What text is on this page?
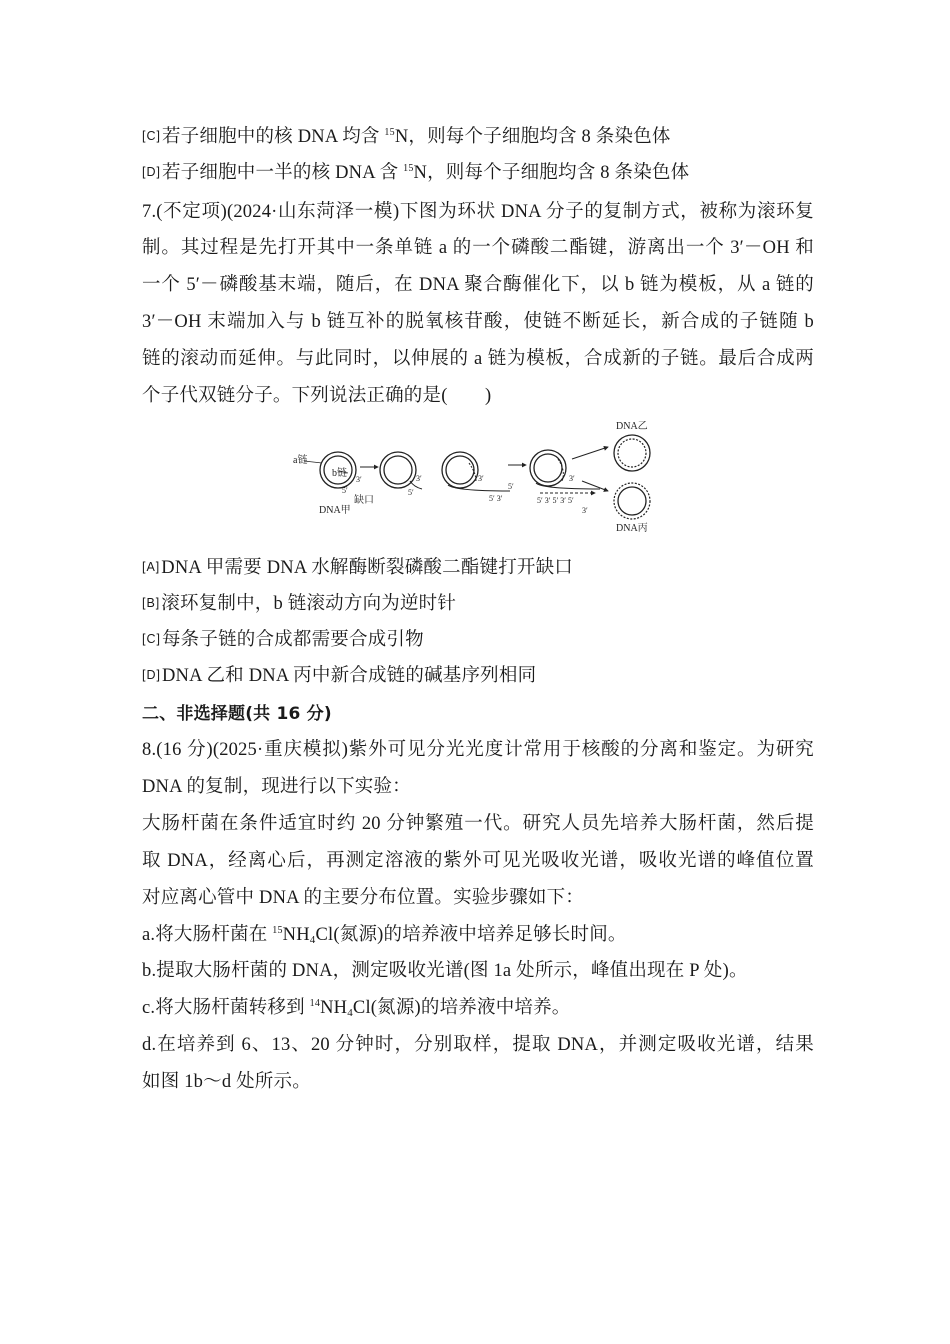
[C]若子细胞中的核 DNA 均含 $^{15}$N，则每个子细胞均含 8 条染色体
[D]若子细胞中一半的核 DNA 含 $^{15}$N，则每个子细胞均含 8 条染色体
7.(不定项)(2024·山东菏泽一模)下图为环状 DNA 分子的复制方式，被称为滚环复
制。其过程是先打开其中一条单链 a 的一个磷酸二酯键，游离出一个 3′－OH 和
一个 5′－磷酸基末端，随后，在 DNA 聚合酶催化下，以 b 链为模板，从 a 链的
3′－OH 末端加入与 b 链互补的脱氧核苷酸，使链不断延长，新合成的子链随 b
链的滚动而延伸。与此同时，以伸展的 a 链为模板，合成新的子链。最后合成两
个子代双链分子。下列说法正确的是(　　)
a链
b链
3′
5′
缺口
DNA甲
3′
5′
3′
5′
5′ 3′
3′
5′ 3′ 5′ 3′ 5′
3′
DNA乙
DNA丙
[A]DNA 甲需要 DNA 水解酶断裂磷酸二酯键打开缺口
[B]滚环复制中，b 链滚动方向为逆时针
[C]每条子链的合成都需要合成引物
[D]DNA 乙和 DNA 丙中新合成链的碱基序列相同
二、非选择题(共 16 分)
8.(16 分)(2025·重庆模拟)紫外可见分光光度计常用于核酸的分离和鉴定。为研究
DNA 的复制，现进行以下实验：
大肠杆菌在条件适宜时约 20 分钟繁殖一代。研究人员先培养大肠杆菌，然后提
取 DNA，经离心后，再测定溶液的紫外可见光吸收光谱，吸收光谱的峰值位置
对应离心管中 DNA 的主要分布位置。实验步骤如下：
a.将大肠杆菌在 $^{15}NH_4Cl$(氮源)的培养液中培养足够长时间。
b.提取大肠杆菌的 DNA，测定吸收光谱(图 1a 处所示，峰值出现在 P 处)。
c.将大肠杆菌转移到 $^{14}NH_4Cl$(氮源)的培养液中培养。
d.在培养到 6、13、20 分钟时，分别取样，提取 DNA，并测定吸收光谱，结果
如图 1b～d 处所示。
